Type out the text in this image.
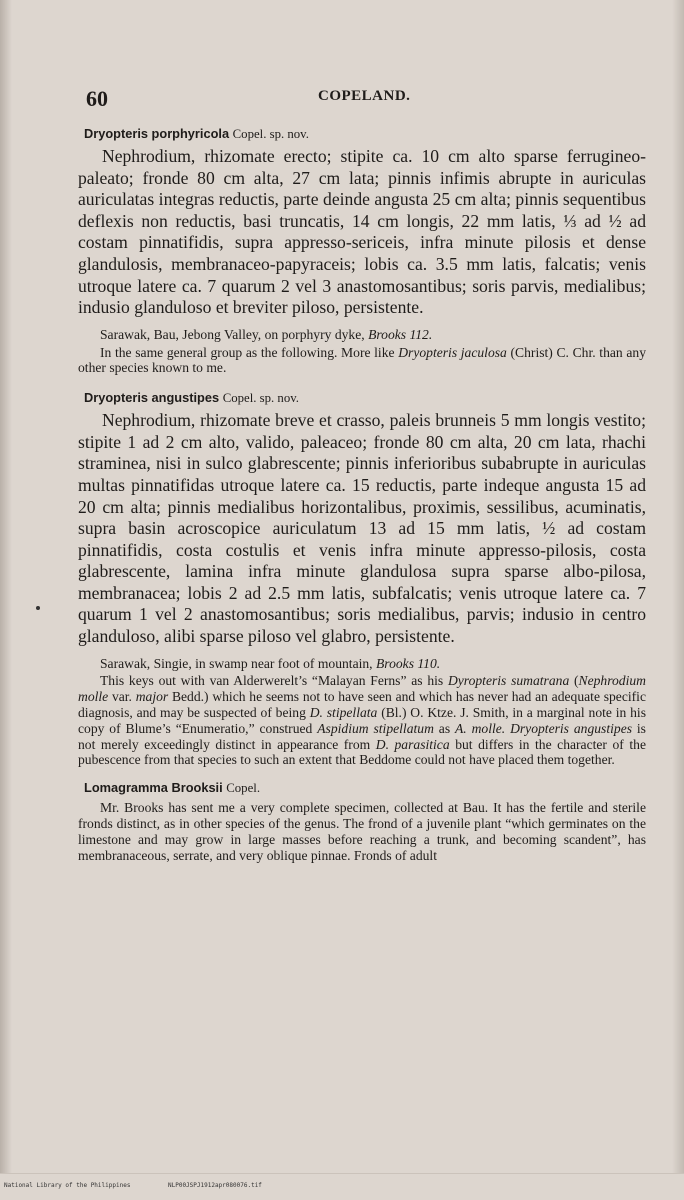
60	COPELAND.
Dryopteris porphyricola Copel. sp. nov.

Nephrodium, rhizomate erecto; stipite ca. 10 cm alto sparse ferrugineo-paleato; fronde 80 cm alta, 27 cm lata; pinnis infimis abrupte in auriculas auriculatas integras reductis, parte deinde angusta 25 cm alta; pinnis sequentibus deflexis non reductis, basi truncatis, 14 cm longis, 22 mm latis, ⅓ ad ½ ad costam pinnatifidis, supra appresso-sericeis, infra minute pilosis et dense glandulosis, membranaceo-papyraceis; lobis ca. 3.5 mm latis, falcatis; venis utroque latere ca. 7 quarum 2 vel 3 anastomosantibus; soris parvis, medialibus; indusio glanduloso et breviter piloso, persistente.

Sarawak, Bau, Jebong Valley, on porphyry dyke, Brooks 112.

In the same general group as the following. More like Dryopteris jaculosa (Christ) C. Chr. than any other species known to me.

Dryopteris angustipes Copel. sp. nov.

Nephrodium, rhizomate breve et crasso, paleis brunneis 5 mm longis vestito; stipite 1 ad 2 cm alto, valido, paleaceo; fronde 80 cm alta, 20 cm lata, rhachi straminea, nisi in sulco glabrescente; pinnis inferioribus subabrupte in auriculas multas pinnatifidas utroque latere ca. 15 reductis, parte indeque angusta 15 ad 20 cm alta; pinnis medialibus horizontalibus, proximis, sessilibus, acuminatis, supra basin acroscopice auriculatum 13 ad 15 mm latis, ½ ad costam pinnatifidis, costa costulis et venis infra minute appresso-pilosis, costa glabrescente, lamina infra minute glandulosa supra sparse albo-pilosa, membranacea; lobis 2 ad 2.5 mm latis, subfalcatis; venis utroque latere ca. 7 quarum 1 vel 2 anastomosantibus; soris medialibus, parvis; indusio in centro glanduloso, alibi sparse piloso vel glabro, persistente.

Sarawak, Singie, in swamp near foot of mountain, Brooks 110.

This keys out with van Alderwerelt’s “Malayan Ferns” as his Dyropteris sumatrana (Nephrodium molle var. major Bedd.) which he seems not to have seen and which has never had an adequate specific diagnosis, and may be suspected of being D. stipellata (Bl.) O. Ktze. J. Smith, in a marginal note in his copy of Blume’s “Enumeratio,” construed Aspidium stipellatum as A. molle. Dryopteris angustipes is not merely exceedingly distinct in appearance from D. parasitica but differs in the character of the pubescence from that species to such an extent that Beddome could not have placed them together.

Lomagramma Brooksii Copel.

Mr. Brooks has sent me a very complete specimen, collected at Bau. It has the fertile and sterile fronds distinct, as in other species of the genus. The frond of a juvenile plant “which germinates on the limestone and may grow in large masses before reaching a trunk, and becoming scandent”, has membranaceous, serrate, and very oblique pinnae. Fronds of adult

National Library of the Philippines	NLP00JSPJ1912apr080076.tif
